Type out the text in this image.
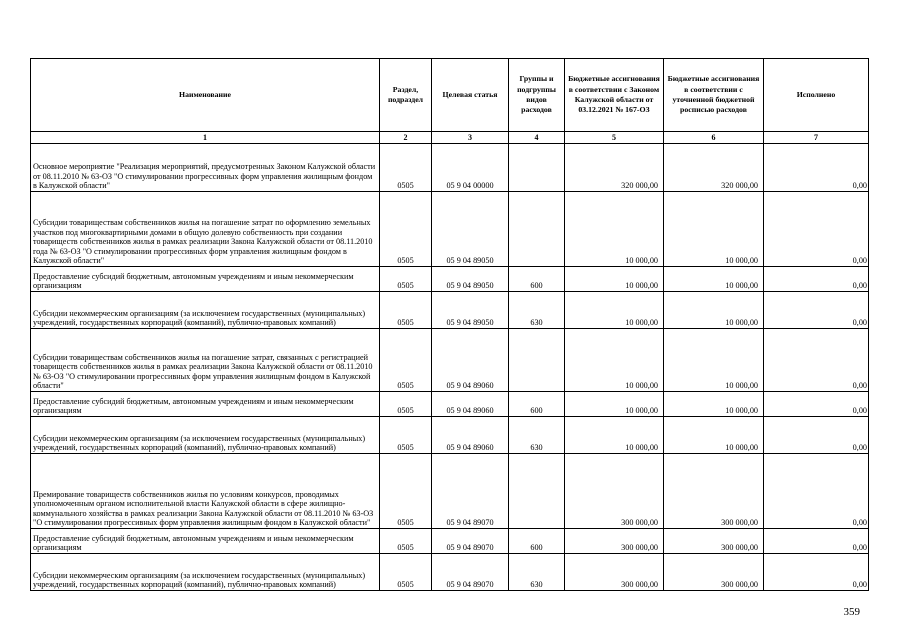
Наименование	Раздел, подраздел	Целевая статья	Группы и подгруппы видов расходов	Бюджетные ассигнования в соответствии с Законом Калужской области от 03.12.2021 № 167-ОЗ	Бюджетные ассигнования в соответствии с уточненной бюджетной росписью расходов	Исполнено
1	2	3	4	5	6	7
Основное мероприятие "Реализация мероприятий, предусмотренных Законом Калужской области от 08.11.2010 № 63-ОЗ "О стимулировании прогрессивных форм управления жилищным фондом в Калужской области"	0505	05 9 04 00000		320 000,00	320 000,00	0,00
Субсидии товариществам собственников жилья на погашение затрат по оформлению земельных участков под многоквартирными домами в общую долевую собственность при создании товариществ собственников жилья в рамках реализации Закона Калужской области от 08.11.2010 года № 63-ОЗ "О стимулировании прогрессивных форм управления жилищным фондом в Калужской области"	0505	05 9 04 89050		10 000,00	10 000,00	0,00
Предоставление субсидий бюджетным, автономным учреждениям и иным некоммерческим организациям	0505	05 9 04 89050	600	10 000,00	10 000,00	0,00
Субсидии некоммерческим организациям (за исключением государственных (муниципальных) учреждений, государственных корпораций (компаний), публично-правовых компаний)	0505	05 9 04 89050	630	10 000,00	10 000,00	0,00
Субсидии товариществам собственников жилья на погашение затрат, связанных с регистрацией товариществ собственников жилья в рамках реализации Закона Калужской области от 08.11.2010 № 63-ОЗ "О стимулировании прогрессивных форм управления жилищным фондом в Калужской области"	0505	05 9 04 89060		10 000,00	10 000,00	0,00
Предоставление субсидий бюджетным, автономным учреждениям и иным некоммерческим организациям	0505	05 9 04 89060	600	10 000,00	10 000,00	0,00
Субсидии некоммерческим организациям (за исключением государственных (муниципальных) учреждений, государственных корпораций (компаний), публично-правовых компаний)	0505	05 9 04 89060	630	10 000,00	10 000,00	0,00
Премирование товариществ собственников жилья по условиям конкурсов, проводимых уполномоченным органом исполнительной власти Калужской области в сфере жилищно-коммунального хозяйства в рамках реализации Закона Калужской области от 08.11.2010 № 63-ОЗ "О стимулировании прогрессивных форм управления жилищным фондом в Калужской области"	0505	05 9 04 89070		300 000,00	300 000,00	0,00
Предоставление субсидий бюджетным, автономным учреждениям и иным некоммерческим организациям	0505	05 9 04 89070	600	300 000,00	300 000,00	0,00
Субсидии некоммерческим организациям (за исключением государственных (муниципальных) учреждений, государственных корпораций (компаний), публично-правовых компаний)	0505	05 9 04 89070	630	300 000,00	300 000,00	0,00
359
